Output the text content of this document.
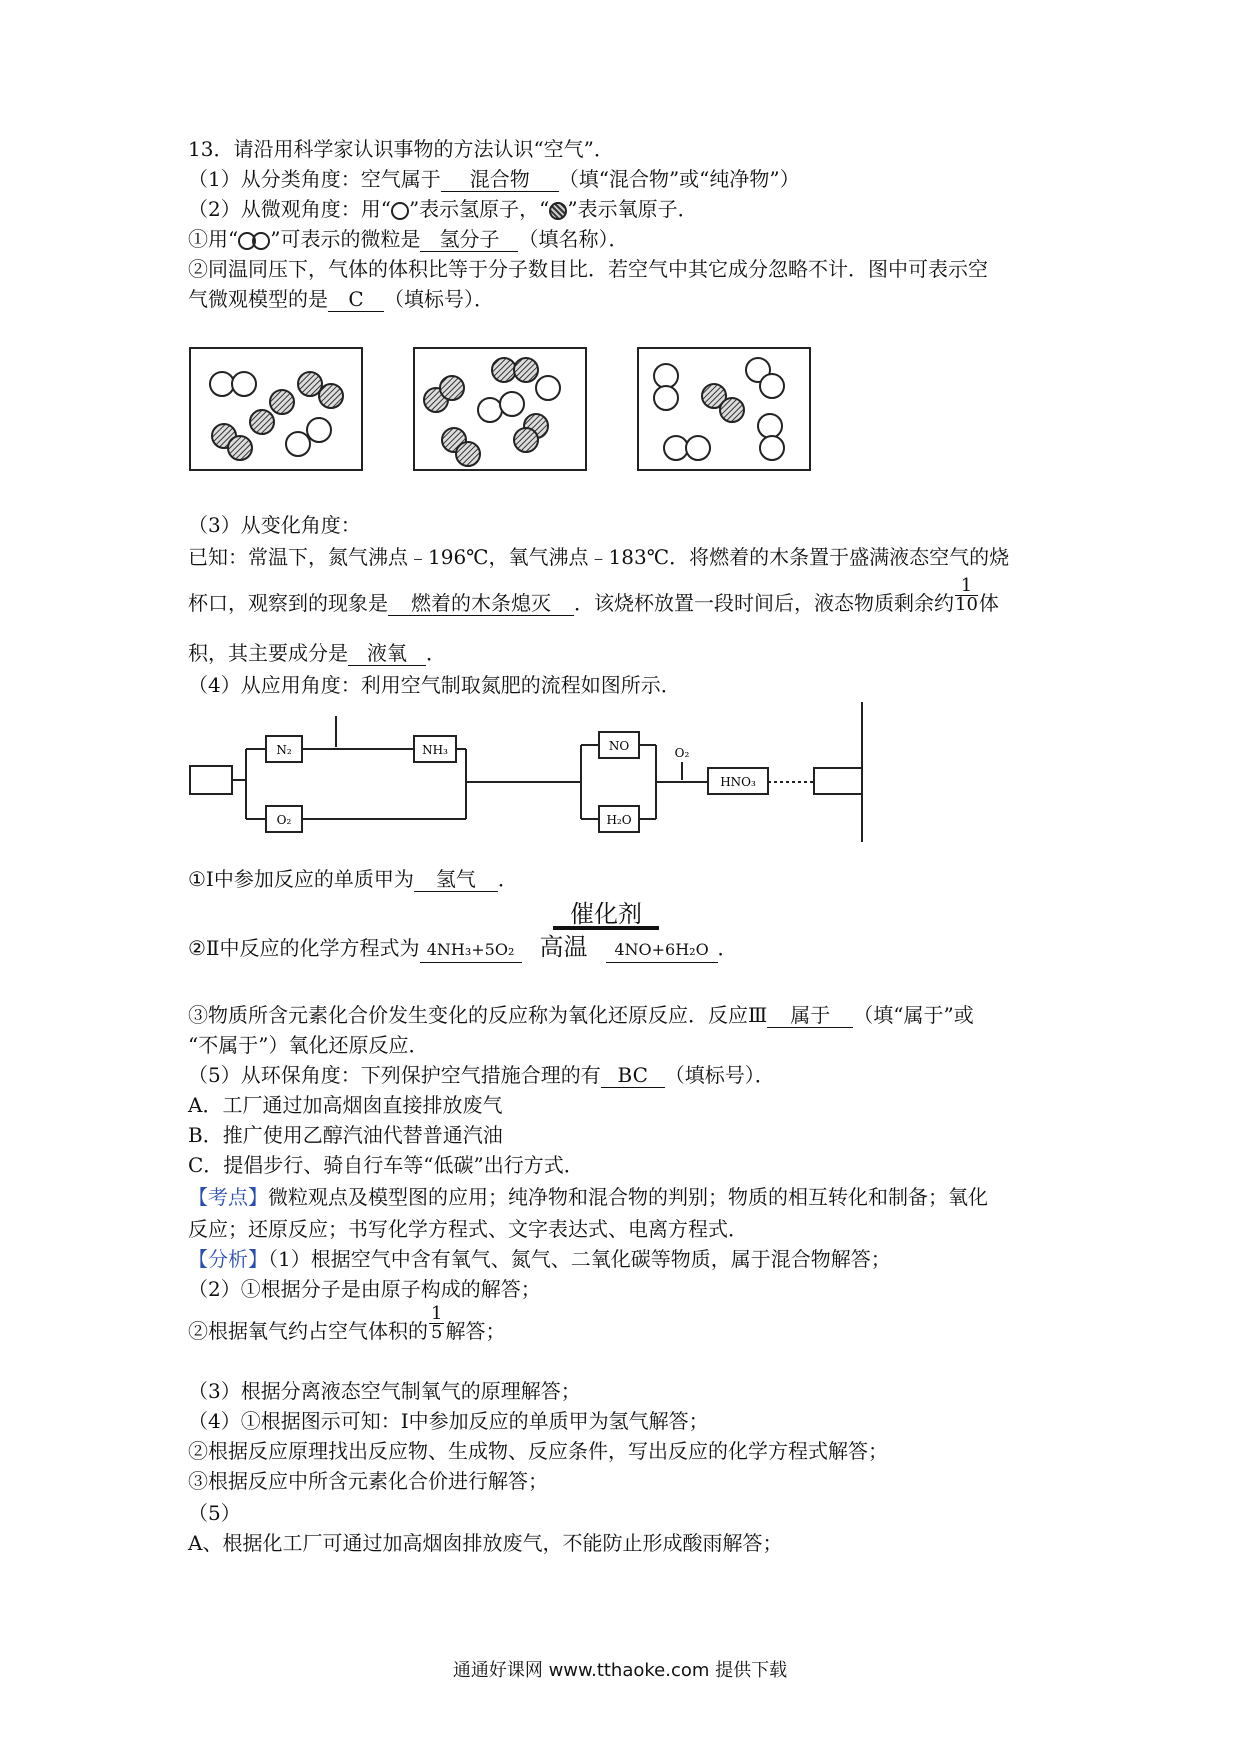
13．请沿用科学家认识事物的方法认识“空气”．
（1）从分类角度：空气属于 混合物 （填“混合物”或“纯净物”）
（2）从微观角度：用“ ”表示氢原子，“ ”表示氧原子．
①用“ ”可表示的微粒是 氢分子 （填名称）．
②同温同压下，气体的体积比等于分子数目比．若空气中其它成分忽略不计．图中可表示空
气微观模型的是 C （填标号）．
（3）从变化角度：
已知：常温下，氮气沸点﹣196℃，氧气沸点﹣183℃．将燃着的木条置于盛满液态空气的烧
杯口，观察到的现象是 燃着的木条熄灭 ．该烧杯放置一段时间后，液态物质剩余约 $\frac{1}{10}$ 体
积，其主要成分是 液氧 ．
（4）从应用角度：利用空气制取氮肥的流程如图所示．
N₂
O₂
NH₃	NO
H₂O
HNO₃
O₂
①Ⅰ中参加反应的单质甲为 氢气 ．
催化剂
②Ⅱ中反应的化学方程式为 4NH₃+5O₂ 高温 4NO+6H₂O ．
③物质所含元素化合价发生变化的反应称为氧化还原反应．反应Ⅲ 属于 （填“属于”或
“不属于”）氧化还原反应．
（5）从环保角度：下列保护空气措施合理的有 BC （填标号）．
A．工厂通过加高烟囱直接排放废气
B．推广使用乙醇汽油代替普通汽油
C．提倡步行、骑自行车等“低碳”出行方式．
【考点】微粒观点及模型图的应用；纯净物和混合物的判别；物质的相互转化和制备；氧化
反应；还原反应；书写化学方程式、文字表达式、电离方程式．
【分析】（1）根据空气中含有氧气、氮气、二氧化碳等物质，属于混合物解答；
（2）①根据分子是由原子构成的解答；
②根据氧气约占空气体积的 $\frac{1}{5}$ 解答；
（3）根据分离液态空气制氧气的原理解答；
（4）①根据图示可知：Ⅰ中参加反应的单质甲为氢气解答；
②根据反应原理找出反应物、生成物、反应条件，写出反应的化学方程式解答；
③根据反应中所含元素化合价进行解答；
（5）
A、根据化工厂可通过加高烟囱排放废气，不能防止形成酸雨解答；
通通好课网 www.tthaoke.com 提供下载
